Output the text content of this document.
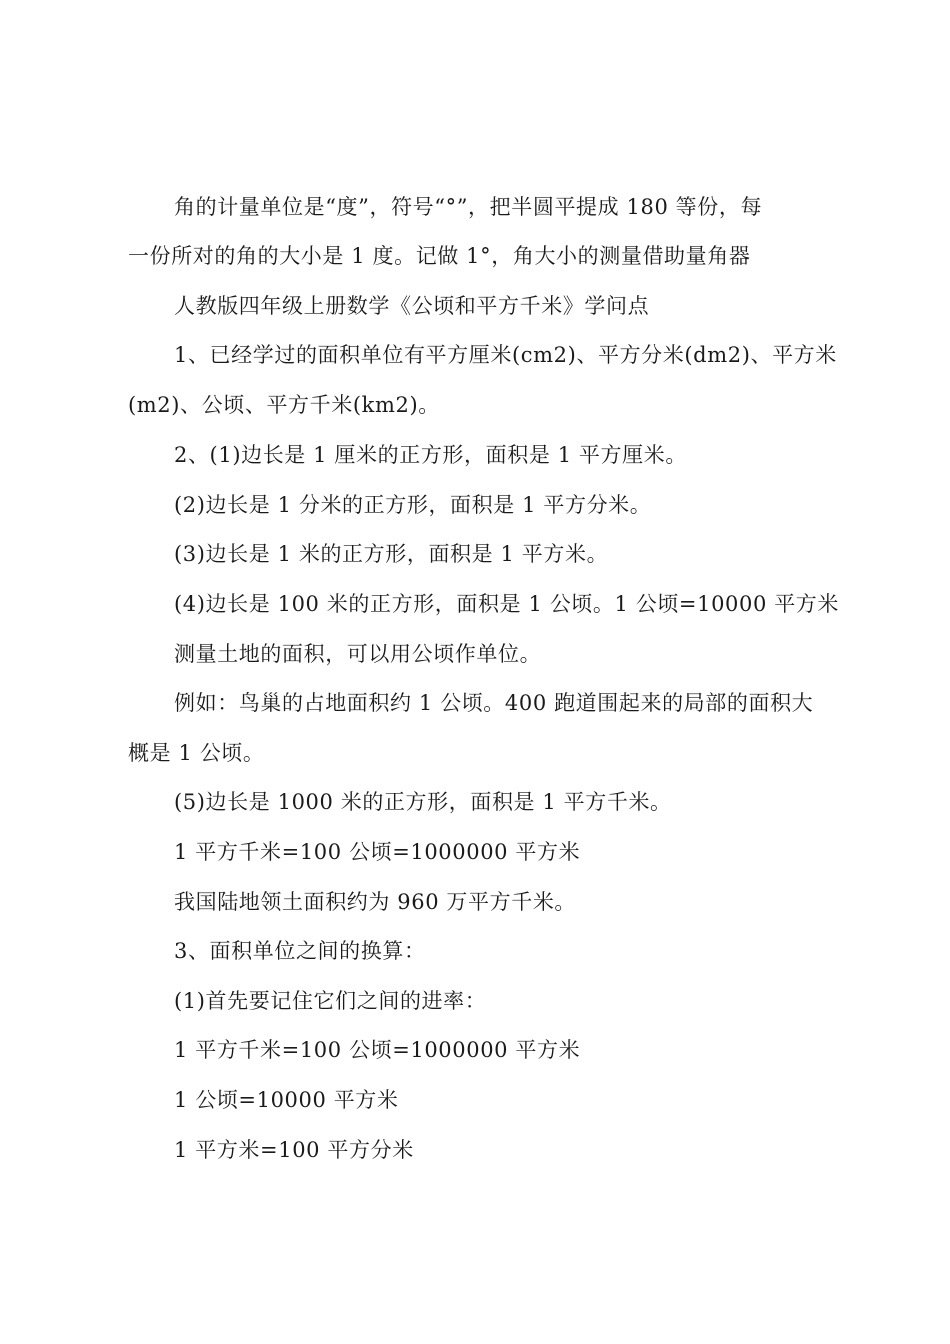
角的计量单位是“度”，符号“°”，把半圆平提成 180 等份，每
一份所对的角的大小是 1 度。记做 1°，角大小的测量借助量角器
人教版四年级上册数学《公顷和平方千米》学问点
1、已经学过的面积单位有平方厘米(cm2)、平方分米(dm2)、平方米
(m2)、公顷、平方千米(km2)。
2、(1)边长是 1 厘米的正方形，面积是 1 平方厘米。
(2)边长是 1 分米的正方形，面积是 1 平方分米。
(3)边长是 1 米的正方形，面积是 1 平方米。
(4)边长是 100 米的正方形，面积是 1 公顷。1 公顷=10000 平方米
测量土地的面积，可以用公顷作单位。
例如：鸟巢的占地面积约 1 公顷。400 跑道围起来的局部的面积大
概是 1 公顷。
(5)边长是 1000 米的正方形，面积是 1 平方千米。
1 平方千米=100 公顷=1000000 平方米
我国陆地领土面积约为 960 万平方千米。
3、面积单位之间的换算：
(1)首先要记住它们之间的进率：
1 平方千米=100 公顷=1000000 平方米
1 公顷=10000 平方米
1 平方米=100 平方分米
